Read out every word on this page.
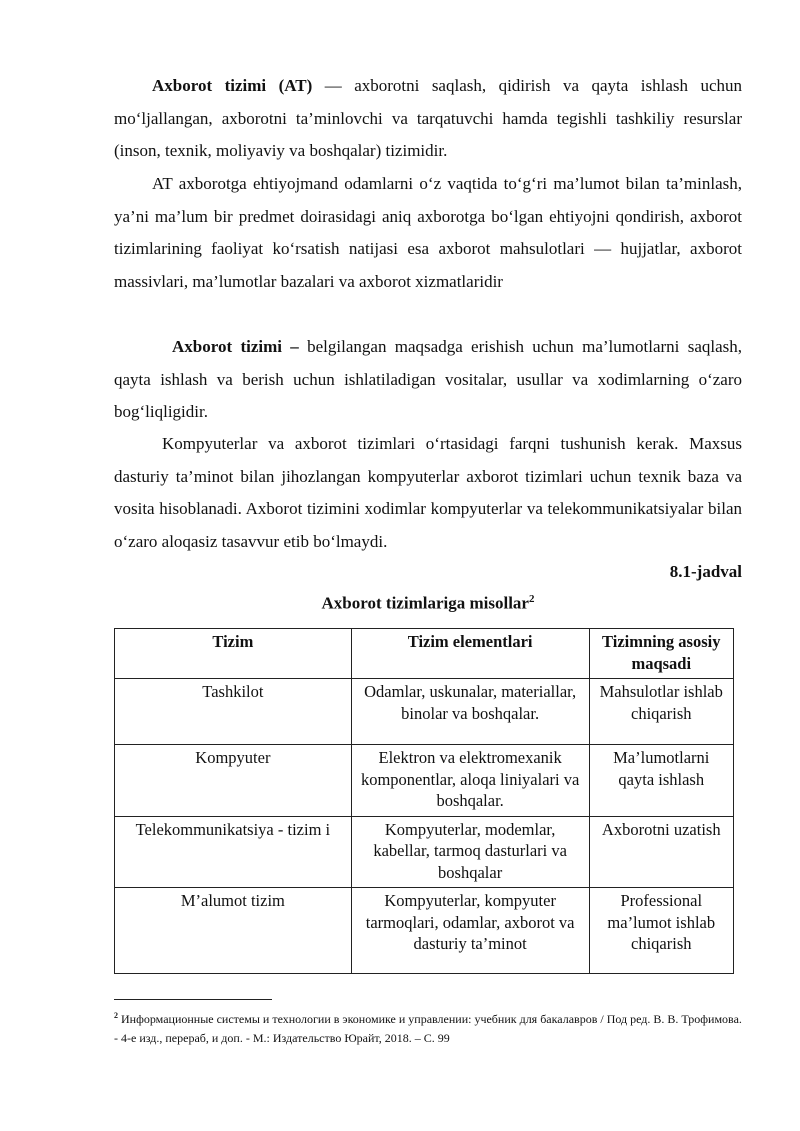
Axborot tizimi (AT) — axborotni saqlash, qidirish va qayta ishlash uchun mo‘ljallangan, axborotni ta’minlovchi va tarqatuvchi hamda tegishli tashkiliy resurslar (inson, texnik, moliyaviy va boshqalar) tizimidir.

AT axborotga ehtiyojmand odamlarni o‘z vaqtida to‘g‘ri ma’lumot bilan ta’minlash, ya’ni ma’lum bir predmet doirasidagi aniq axborotga bo‘lgan ehtiyojni qondirish, axborot tizimlarining faoliyat ko‘rsatish natijasi esa axborot mahsulotlari — hujjatlar, axborot massivlari, ma’lumotlar bazalari va axborot xizmatlaridir

Axborot tizimi – belgilangan maqsadga erishish uchun ma’lumotlarni saqlash, qayta ishlash va berish uchun ishlatiladigan vositalar, usullar va xodimlarning o‘zaro bog‘liqligidir.

Kompyuterlar va axborot tizimlari o‘rtasidagi farqni tushunish kerak. Maxsus dasturiy ta’minot bilan jihozlangan kompyuterlar axborot tizimlari uchun texnik baza va vosita hisoblanadi. Axborot tizimini xodimlar kompyuterlar va telekommunikatsiyalar bilan o‘zaro aloqasiz tasavvur etib bo‘lmaydi.

8.1-jadval
Axborot tizimlariga misollar$^2$
Tizim	Tizim elementlari	Tizimning asosiy maqsadi
Tashkilot	Odamlar, uskunalar, materiallar, binolar va boshqalar.	Mahsulotlar ishlab chiqarish
Kompyuter	Elektron va elektromexanik komponentlar, aloqa liniyalari va boshqalar.	Ma’lumotlarni qayta ishlash
Telekommunikatsiya - tizim i	Kompyuterlar, modemlar, kabellar, tarmoq dasturlari va boshqalar	Axborotni uzatish
M’alumot tizim	Kompyuterlar, kompyuter tarmoqlari, odamlar, axborot va dasturiy ta’minot	Professional ma’lumot ishlab chiqarish

$^2$ Информационные системы и технологии в экономике и управлении: учебник для бакалавров / Под ред. В. В. Трофимова. - 4-е изд., перераб, и доп. - М.: Издательство Юрайт, 2018. – С. 99
